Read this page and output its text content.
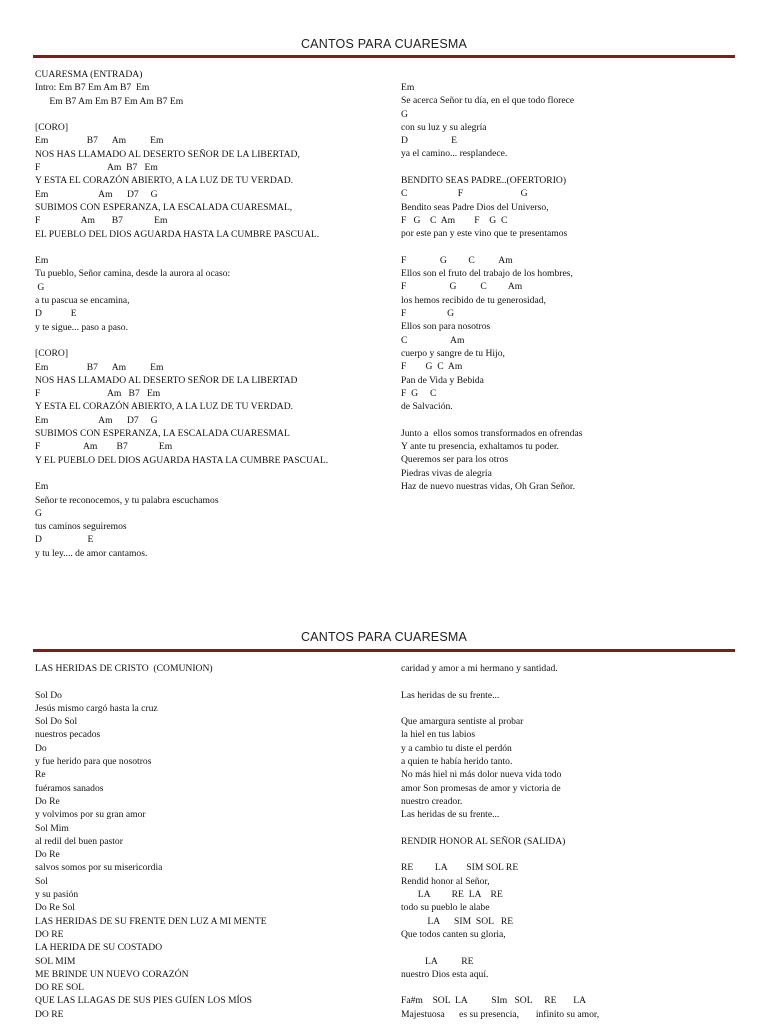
CANTOS PARA CUARESMA
CUARESMA (ENTRADA)
Intro: Em B7 Em Am B7  Em
Em B7 Am Em B7 Em Am B7 Em
[CORO]
Em                B7      Am          Em
NOS HAS LLAMADO AL DESERTO SEÑOR DE LA LIBERTAD,
F                            Am  B7   Em
Y ESTA EL CORAZÓN ABIERTO, A LA LUZ DE TU VERDAD.
Em                     Am      D7     G
SUBIMOS CON ESPERANZA, LA ESCALADA CUARESMAL,
F                 Am       B7             Em
EL PUEBLO DEL DIOS AGUARDA HASTA LA CUMBRE PASCUAL.
Em
Tu pueblo, Señor camina, desde la aurora al ocaso:
G
a tu pascua se encamina,
D            E
y te sigue... paso a paso.
[CORO]
Em                B7      Am          Em
NOS HAS LLAMADO AL DESERTO SEÑOR DE LA LIBERTAD
F                            Am   B7   Em
Y ESTA EL CORAZÓN ABIERTO, A LA LUZ DE TU VERDAD.
Em                     Am      D7     G
SUBIMOS CON ESPERANZA, LA ESCALADA CUARESMAL
F                  Am        B7             Em
Y EL PUEBLO DEL DIOS AGUARDA HASTA LA CUMBRE PASCUAL.
Em
Señor te reconocemos, y tu palabra escuchamos
G
tus caminos seguiremos
D                   E
y tu ley.... de amor cantamos.
Em
Se acerca Señor tu día, en el que todo florece
G
con su luz y su alegría
D                  E
ya el camino... resplandece.
BENDITO SEAS PADRE..(OFERTORIO)
C                     F                        G
Bendito seas Padre Dios del Universo,
F   G    C  Am        F    G  C
por este pan y este vino que te presentamos
F              G         C          Am
Ellos son el fruto del trabajo de los hombres,
F                  G          C         Am
los hemos recibido de tu generosidad,
F                 G
Ellos son para nosotros
C                  Am
cuerpo y sangre de tu Hijo,
F        G  C  Am
Pan de Vida y Bebida
F  G     C
de Salvación.
Junto a  ellos somos transformados en ofrendas
Y ante tu presencia, exhaltamos tu poder.
Queremos ser para los otros
Piedras vivas de alegria
Haz de nuevo nuestras vidas, Oh Gran Señor.
CANTOS PARA CUARESMA
LAS HERIDAS DE CRISTO  (COMUNION)
Sol Do
Jesús mismo cargó hasta la cruz
Sol Do Sol
nuestros pecados
Do
y fue herido para que nosotros
Re
fuéramos sanados
Do Re
y volvimos por su gran amor
Sol Mim
al redil del buen pastor
Do Re
salvos somos por su misericordia
Sol
y su pasión
Do Re Sol
LAS HERIDAS DE SU FRENTE DEN LUZ A MI MENTE
DO RE
LA HERIDA DE SU COSTADO
SOL MIM
ME BRINDE UN NUEVO CORAZÓN
DO RE SOL
QUE LAS LLAGAS DE SUS PIES GUÍEN LOS MÍOS
DO RE
caridad y amor a mi hermano y santidad.
Las heridas de su frente...
Que amargura sentiste al probar
la hiel en tus labios
y a cambio tu diste el perdón
a quien te había herido tanto.
No más hiel ni más dolor nueva vida todo
amor Son promesas de amor y victoria de
nuestro creador.
Las heridas de su frente...
RENDIR HONOR AL SEÑOR (SALIDA)
RE         LA        SIM SOL RE
Rendid honor al Señor,
LA         RE  LA    RE
todo su pueblo le alabe
LA      SIM  SOL   RE
Que todos canten su gloria,
LA          RE
nuestro Dios esta aquí.
Fa#m    SOL  LA          SIm   SOL     RE       LA
Majestuosa      es su presencia,       infinito su amor,
